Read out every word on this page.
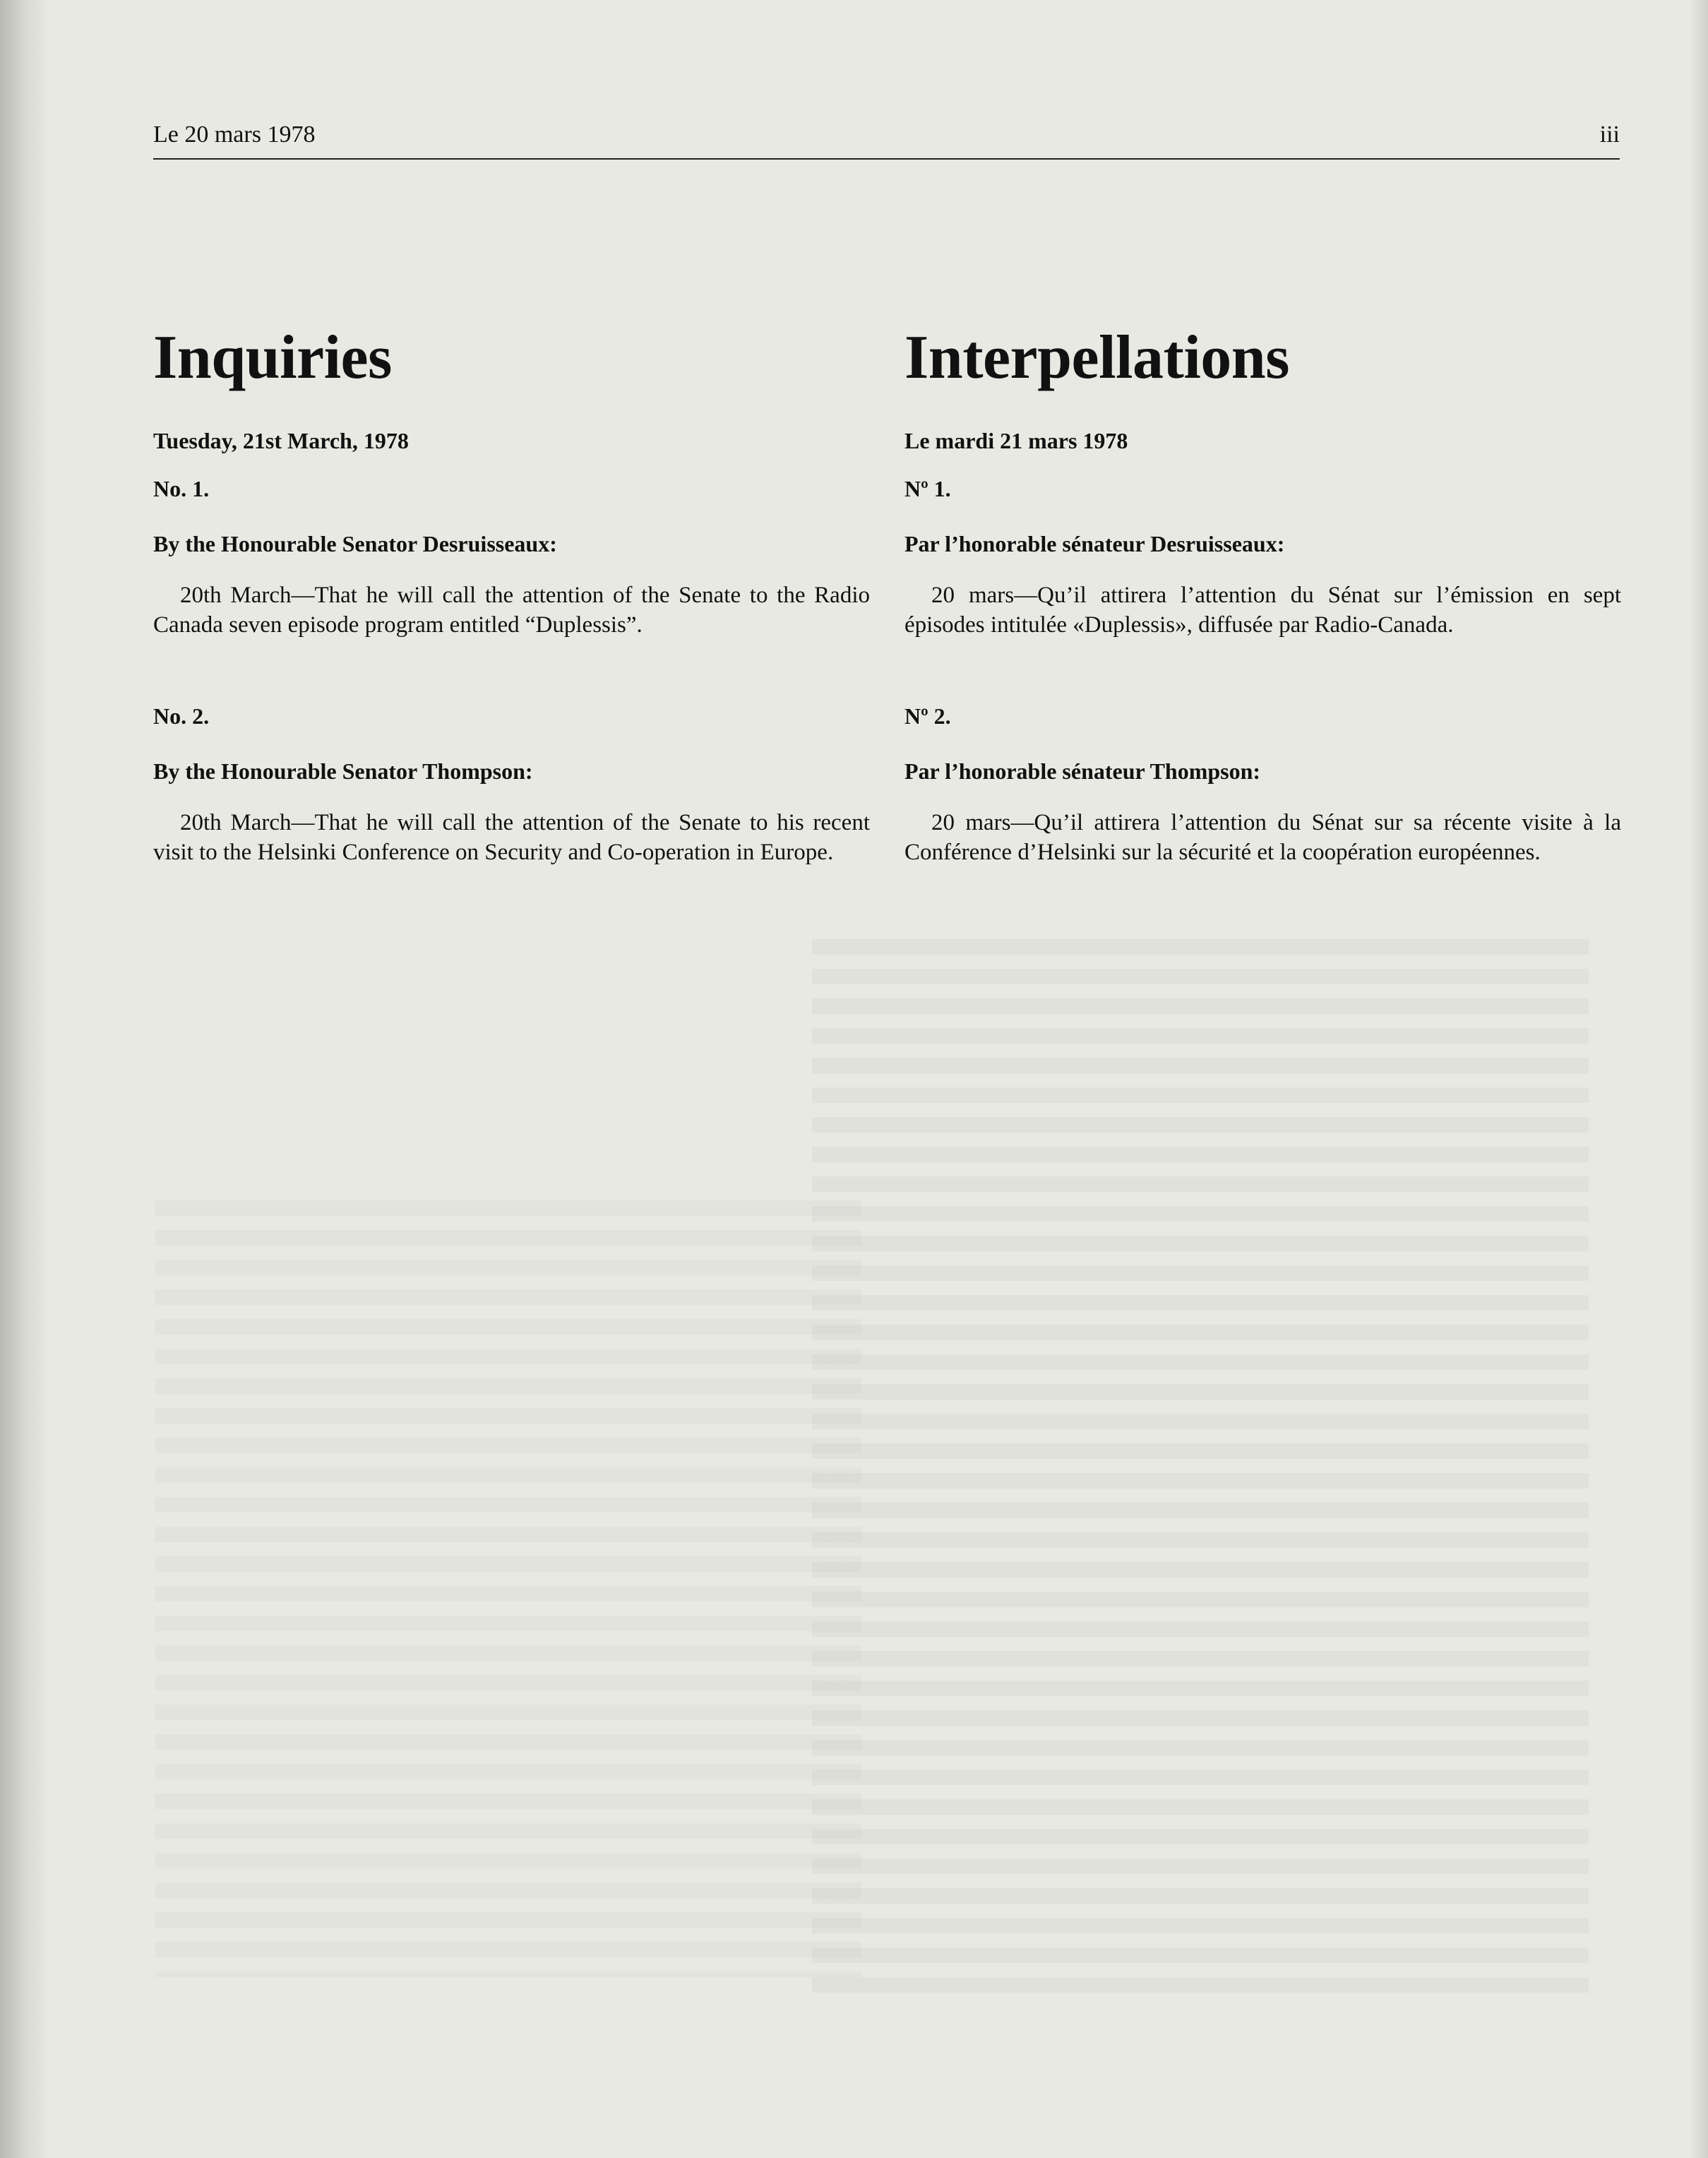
Le 20 mars 1978	iii
Inquiries

Tuesday, 21st March, 1978

No. 1.

By the Honourable Senator Desruisseaux:

20th March—That he will call the attention of the Senate to the Radio Canada seven episode program entitled “Duplessis”.

No. 2.

By the Honourable Senator Thompson:

20th March—That he will call the attention of the Senate to his recent visit to the Helsinki Conference on Security and Co-operation in Europe.

Interpellations

Le mardi 21 mars 1978

Nº 1.

Par l’honorable sénateur Desruisseaux:

20 mars—Qu’il attirera l’attention du Sénat sur l’émission en sept épisodes intitulée «Duplessis», diffusée par Radio-Canada.

Nº 2.

Par l’honorable sénateur Thompson:

20 mars—Qu’il attirera l’attention du Sénat sur sa récente visite à la Conférence d’Helsinki sur la sécurité et la coopération européennes.
